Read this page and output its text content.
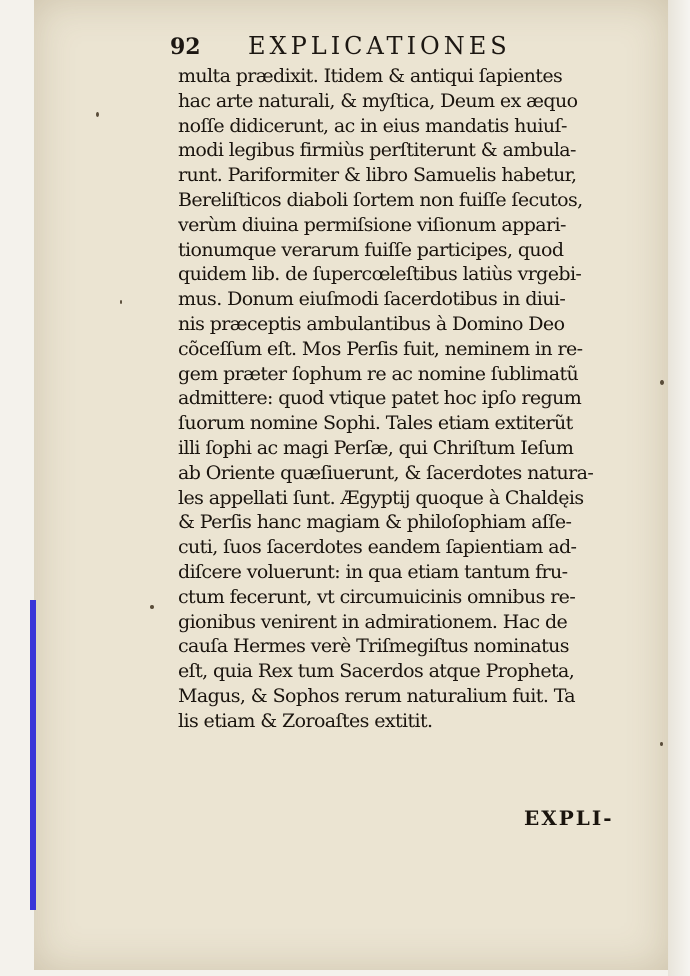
92 EXPLICATIONES
multa prædixit. Itidem & antiqui ſapientes
hac arte naturali, & myſtica, Deum ex æquo
noſſe didicerunt, ac in eius mandatis huiuſ-
modi legibus firmiùs perſtiterunt & ambula-
runt. Pariformiter & libro Samuelis habetur,
Bereliſticos diaboli ſortem non fuiſſe ſecutos,
verùm diuina permiſsione viſionum appari-
tionumque verarum fuiſſe participes, quod
quidem lib. de ſupercœleſtibus latiùs vrgebi-
mus. Donum eiuſmodi ſacerdotibus in diui-
nis præceptis ambulantibus à Domino Deo
cõceſſum eſt. Mos Perſis fuit, neminem in re-
gem præter ſophum re ac nomine ſublimatũ
admittere: quod vtique patet hoc ipſo regum
ſuorum nomine Sophi. Tales etiam extiterũt
illi ſophi ac magi Perſæ, qui Chriſtum Ieſum
ab Oriente quæſiuerunt, & ſacerdotes natura-
les appellati ſunt. Ægyptij quoque à Chaldęis
& Perſis hanc magiam & philoſophiam aſſe-
cuti, ſuos ſacerdotes eandem ſapientiam ad-
diſcere voluerunt: in qua etiam tantum fru-
ctum fecerunt, vt circumuicinis omnibus re-
gionibus venirent in admirationem. Hac de
cauſa Hermes verè Triſmegiſtus nominatus
eſt, quia Rex tum Sacerdos atque Propheta,
Magus, & Sophos rerum naturalium fuit. Ta
lis etiam & Zoroaſtes extitit.
EXPLI-
